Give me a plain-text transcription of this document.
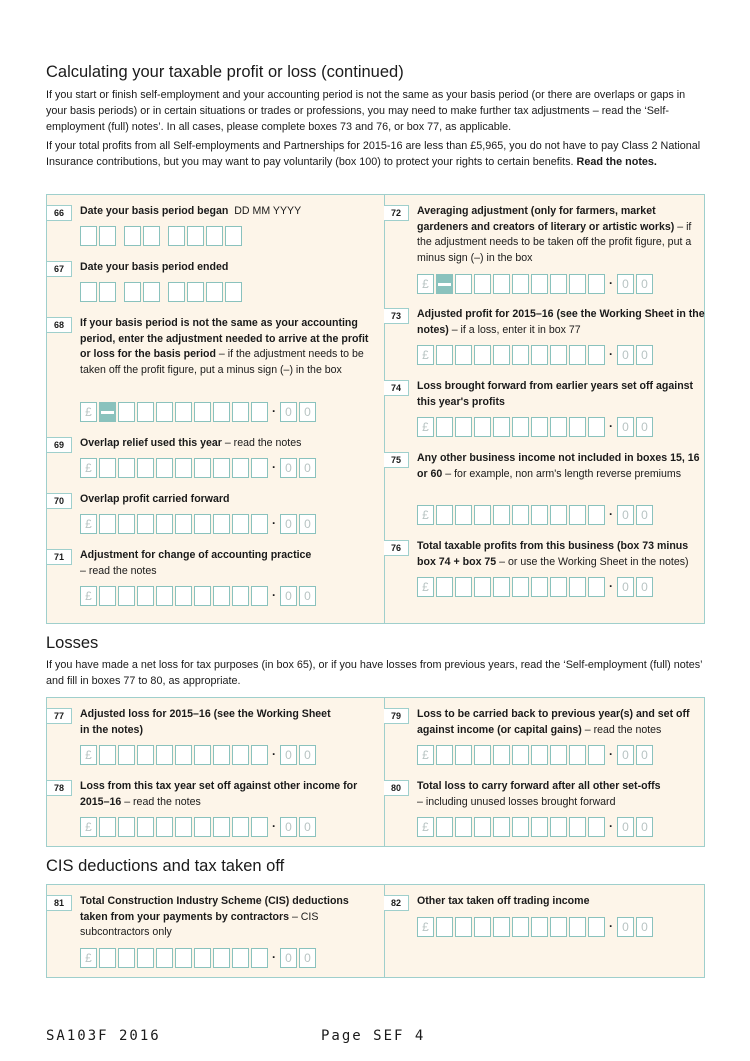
Calculating your taxable profit or loss (continued)

If you start or finish self-employment and your accounting period is not the same as your basis period (or there are overlaps or gaps in your basis periods) or in certain situations or trades or professions, you may need to make further tax adjustments – read the ‘Self-employment (full) notes’. In all cases, please complete boxes 73 and 76, or box 77, as applicable.

If your total profits from all Self-employments and Partnerships for 2015-16 are less than £5,965, you do not have to pay Class 2 National Insurance contributions, but you may want to pay voluntarily (box 100) to protect your rights to certain benefits. Read the notes.

66	Date your basis period began DD MM YYYY
67	Date your basis period ended
68	If your basis period is not the same as your accounting period, enter the adjustment needed to arrive at the profit or loss for the basis period – if the adjustment needs to be taken off the profit figure, put a minus sign (–) in the box
£	· 0	0
69	Overlap relief used this year – read the notes
£	· 0	0
70	Overlap profit carried forward
£	· 0	0
71	Adjustment for change of accounting practice
– read the notes
£	· 0	0
72	Averaging adjustment (only for farmers, market gardeners and creators of literary or artistic works) – if the adjustment needs to be taken off the profit figure, put a minus sign (–) in the box
£	· 0	0
73	Adjusted profit for 2015–16 (see the Working Sheet in the notes) – if a loss, enter it in box 77
£	· 0	0
74	Loss brought forward from earlier years set off against this year's profits
£	· 0	0
75	Any other business income not included in boxes 15, 16 or 60 – for example, non arm's length reverse premiums
£	· 0	0
76	Total taxable profits from this business (box 73 minus box 74 + box 75 – or use the Working Sheet in the notes)
£	· 0	0
Losses

If you have made a net loss for tax purposes (in box 65), or if you have losses from previous years, read the ‘Self-employment (full) notes’ and fill in boxes 77 to 80, as appropriate.

77	Adjusted loss for 2015–16 (see the Working Sheet in the notes)
£	· 0	0
78	Loss from this tax year set off against other income for 2015–16 – read the notes
£	· 0	0
79	Loss to be carried back to previous year(s) and set off against income (or capital gains) – read the notes
£	· 0	0
80	Total loss to carry forward after all other set-offs
– including unused losses brought forward
£	· 0	0
CIS deductions and tax taken off
81	Total Construction Industry Scheme (CIS) deductions taken from your payments by contractors – CIS subcontractors only
£	· 0	0
82	Other tax taken off trading income
£	· 0	0
SA103F 2016	Page SEF 4
